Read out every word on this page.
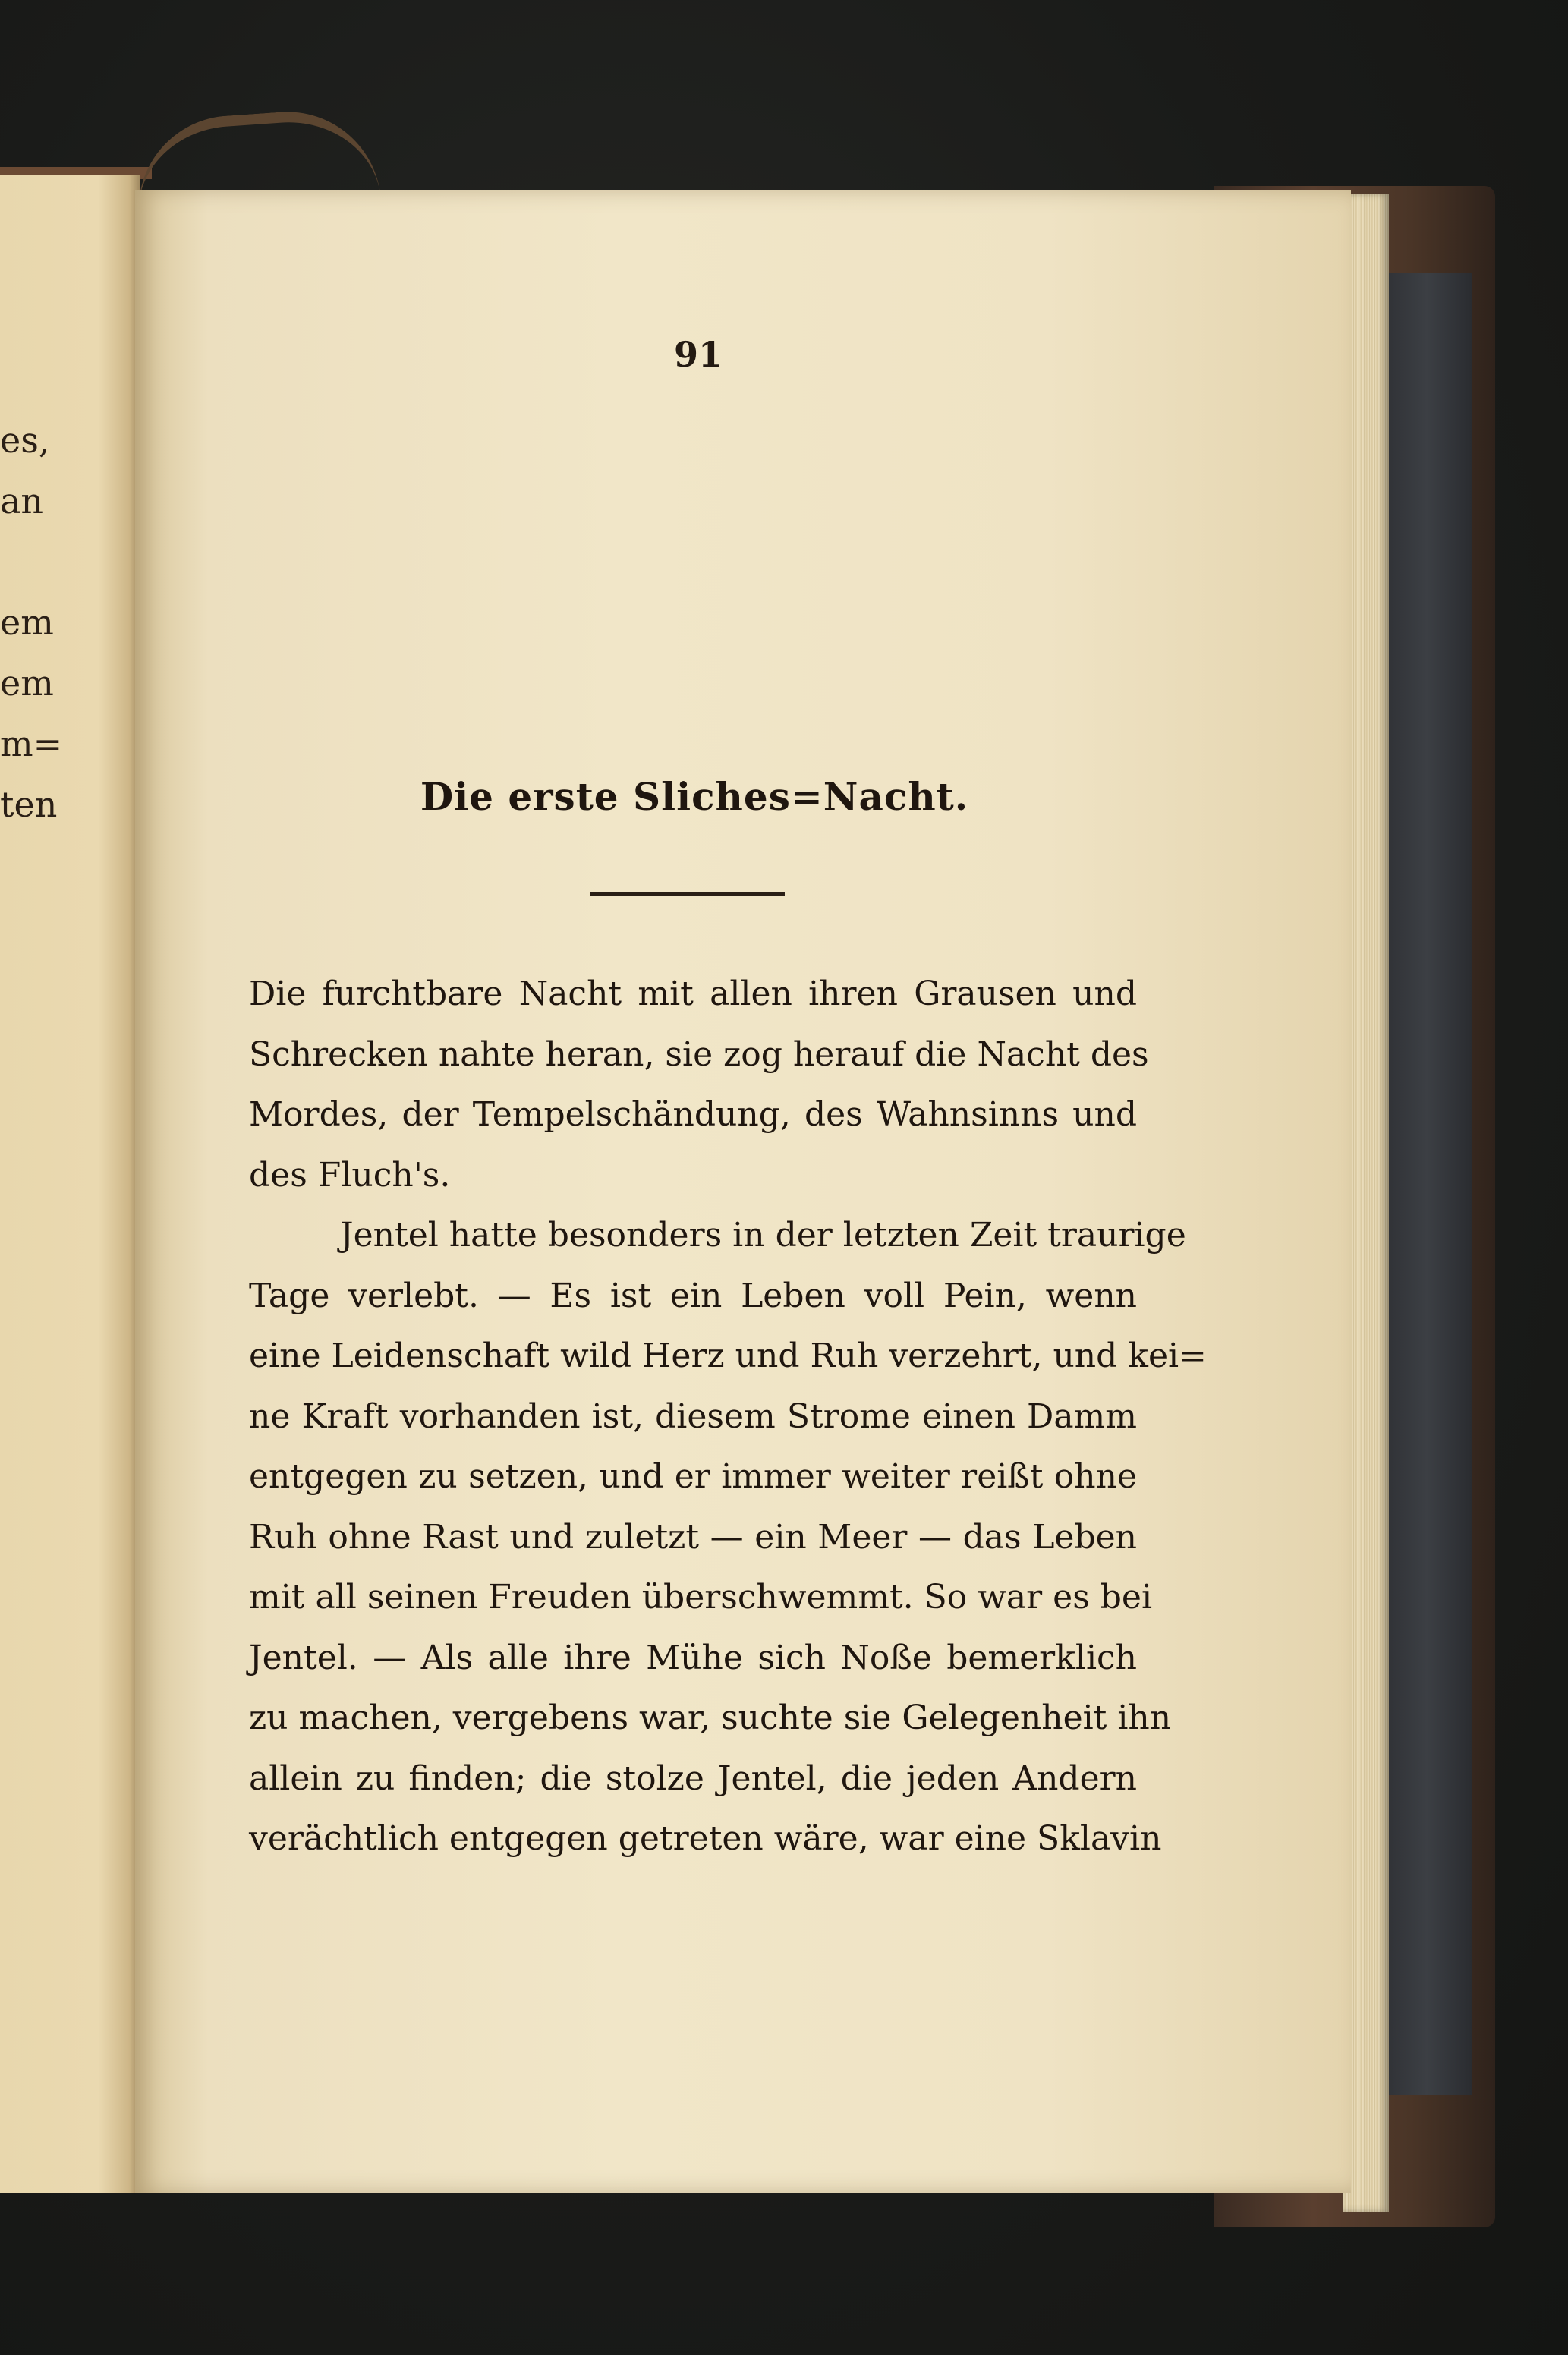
es,
an
em
em
m=
ten
91
Die erste Sliches=Nacht.
Die furchtbare Nacht mit allen ihren Grausen und
Schrecken nahte heran, sie zog herauf die Nacht des
Mordes, der Tempelschändung, des Wahnsinns und
des Fluch's.
Jentel hatte besonders in der letzten Zeit traurige
Tage verlebt. — Es ist ein Leben voll Pein, wenn
eine Leidenschaft wild Herz und Ruh verzehrt, und kei=
ne Kraft vorhanden ist, diesem Strome einen Damm
entgegen zu setzen, und er immer weiter reißt ohne
Ruh ohne Rast und zuletzt — ein Meer — das Leben
mit all seinen Freuden überschwemmt. So war es bei
Jentel. — Als alle ihre Mühe sich Noße bemerklich
zu machen, vergebens war, suchte sie Gelegenheit ihn
allein zu finden; die stolze Jentel, die jeden Andern
verächtlich entgegen getreten wäre, war eine Sklavin
